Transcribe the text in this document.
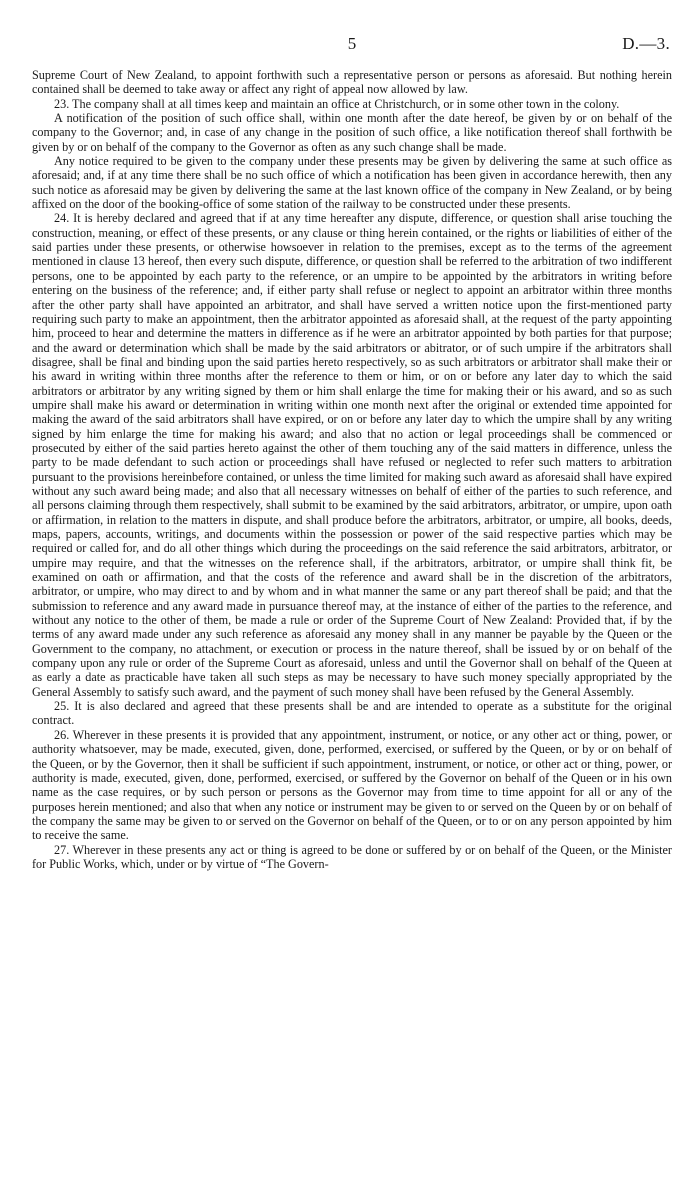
5	D.—3.

Supreme Court of New Zealand, to appoint forthwith such a representative person or persons as aforesaid. But nothing herein contained shall be deemed to take away or affect any right of appeal now allowed by law.

23. The company shall at all times keep and maintain an office at Christchurch, or in some other town in the colony.

A notification of the position of such office shall, within one month after the date hereof, be given by or on behalf of the company to the Governor; and, in case of any change in the position of such office, a like notification thereof shall forthwith be given by or on behalf of the company to the Governor as often as any such change shall be made.

Any notice required to be given to the company under these presents may be given by delivering the same at such office as aforesaid; and, if at any time there shall be no such office of which a notification has been given in accordance herewith, then any such notice as aforesaid may be given by delivering the same at the last known office of the company in New Zealand, or by being affixed on the door of the booking-office of some station of the railway to be constructed under these presents.

24. It is hereby declared and agreed that if at any time hereafter any dispute, difference, or question shall arise touching the construction, meaning, or effect of these presents, or any clause or thing herein contained, or the rights or liabilities of either of the said parties under these presents, or otherwise howsoever in relation to the premises, except as to the terms of the agreement mentioned in clause 13 hereof, then every such dispute, difference, or question shall be referred to the arbitration of two indifferent persons, one to be appointed by each party to the reference, or an umpire to be appointed by the arbitrators in writing before entering on the business of the reference; and, if either party shall refuse or neglect to appoint an arbitrator within three months after the other party shall have appointed an arbitrator, and shall have served a written notice upon the first-mentioned party requiring such party to make an appointment, then the arbitrator appointed as aforesaid shall, at the request of the party appointing him, proceed to hear and determine the matters in difference as if he were an arbitrator appointed by both parties for that purpose; and the award or determination which shall be made by the said arbitrators or abitrator, or of such umpire if the arbitrators shall disagree, shall be final and binding upon the said parties hereto respectively, so as such arbitrators or arbitrator shall make their or his award in writing within three months after the reference to them or him, or on or before any later day to which the said arbitrators or arbitrator by any writing signed by them or him shall enlarge the time for making their or his award, and so as such umpire shall make his award or determination in writing within one month next after the original or extended time appointed for making the award of the said arbitrators shall have expired, or on or before any later day to which the umpire shall by any writing signed by him enlarge the time for making his award; and also that no action or legal proceedings shall be commenced or prosecuted by either of the said parties hereto against the other of them touching any of the said matters in difference, unless the party to be made defendant to such action or proceedings shall have refused or neglected to refer such matters to arbitration pursuant to the provisions hereinbefore contained, or unless the time limited for making such award as aforesaid shall have expired without any such award being made; and also that all necessary witnesses on behalf of either of the parties to such reference, and all persons claiming through them respectively, shall submit to be examined by the said arbitrators, arbitrator, or umpire, upon oath or affirmation, in relation to the matters in dispute, and shall produce before the arbitrators, arbitrator, or umpire, all books, deeds, maps, papers, accounts, writings, and documents within the possession or power of the said respective parties which may be required or called for, and do all other things which during the proceedings on the said reference the said arbitrators, arbitrator, or umpire may require, and that the witnesses on the reference shall, if the arbitrators, arbitrator, or umpire shall think fit, be examined on oath or affirmation, and that the costs of the reference and award shall be in the discretion of the arbitrators, arbitrator, or umpire, who may direct to and by whom and in what manner the same or any part thereof shall be paid; and that the submission to reference and any award made in pursuance thereof may, at the instance of either of the parties to the reference, and without any notice to the other of them, be made a rule or order of the Supreme Court of New Zealand: Provided that, if by the terms of any award made under any such reference as aforesaid any money shall in any manner be payable by the Queen or the Government to the company, no attachment, or execution or process in the nature thereof, shall be issued by or on behalf of the company upon any rule or order of the Supreme Court as aforesaid, unless and until the Governor shall on behalf of the Queen at as early a date as practicable have taken all such steps as may be necessary to have such money specially appropriated by the General Assembly to satisfy such award, and the payment of such money shall have been refused by the General Assembly.

25. It is also declared and agreed that these presents shall be and are intended to operate as a substitute for the original contract.

26. Wherever in these presents it is provided that any appointment, instrument, or notice, or any other act or thing, power, or authority whatsoever, may be made, executed, given, done, performed, exercised, or suffered by the Queen, or by or on behalf of the Queen, or by the Governor, then it shall be sufficient if such appointment, instrument, or notice, or other act or thing, power, or authority is made, executed, given, done, performed, exercised, or suffered by the Governor on behalf of the Queen or in his own name as the case requires, or by such person or persons as the Governor may from time to time appoint for all or any of the purposes herein mentioned; and also that when any notice or instrument may be given to or served on the Queen by or on behalf of the company the same may be given to or served on the Governor on behalf of the Queen, or to or on any person appointed by him to receive the same.

27. Wherever in these presents any act or thing is agreed to be done or suffered by or on behalf of the Queen, or the Minister for Public Works, which, under or by virtue of “The Govern-
